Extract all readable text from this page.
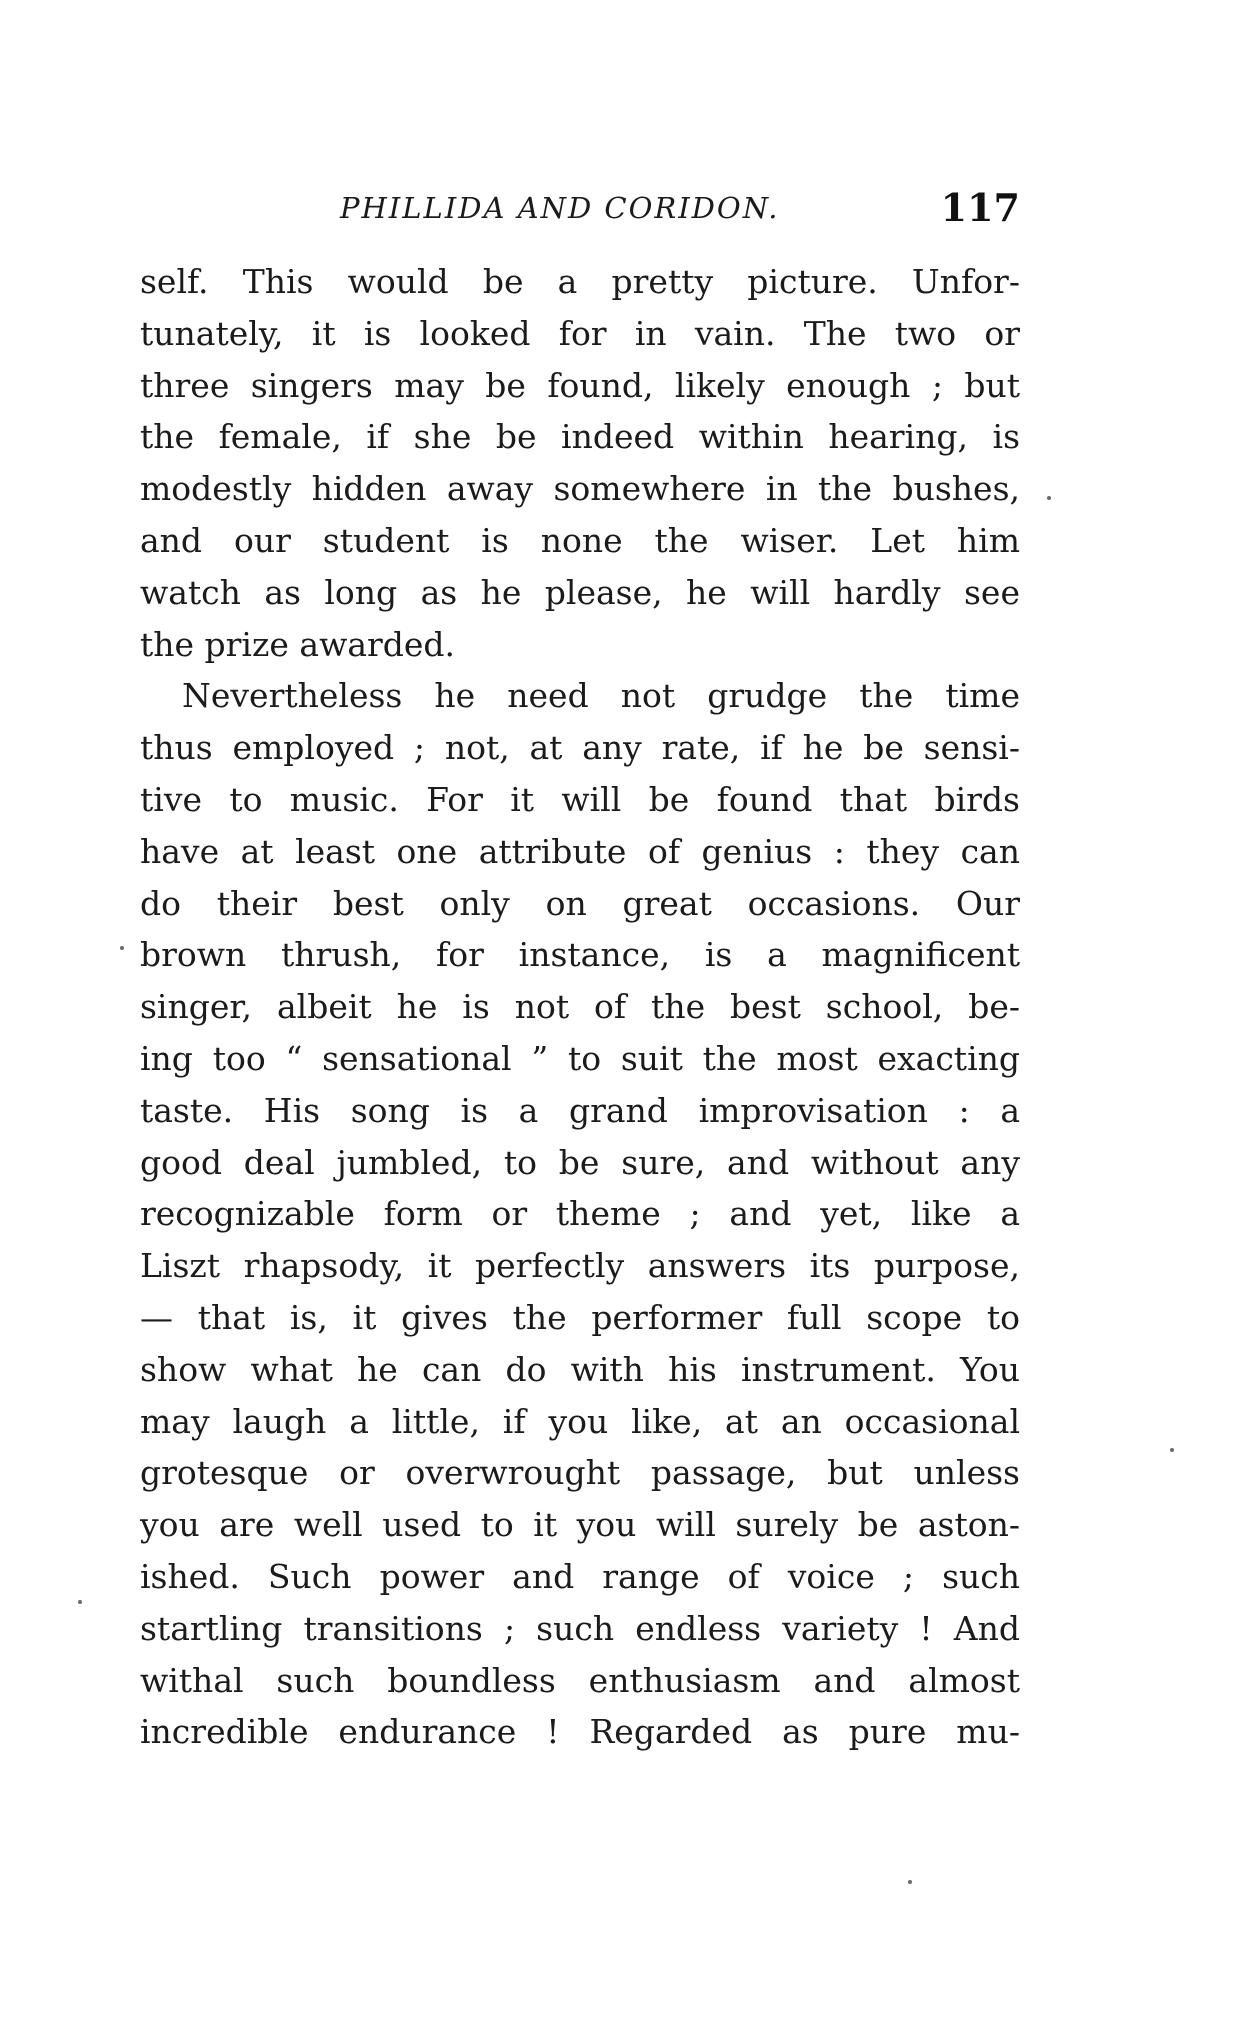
PHILLIDA AND CORIDON.	117
self. This would be a pretty picture. Unfor-
tunately, it is looked for in vain. The two or
three singers may be found, likely enough ; but
the female, if she be indeed within hearing, is
modestly hidden away somewhere in the bushes,
and our student is none the wiser. Let him
watch as long as he please, he will hardly see
the prize awarded.
Nevertheless he need not grudge the time
thus employed ; not, at any rate, if he be sensi-
tive to music. For it will be found that birds
have at least one attribute of genius : they can
do their best only on great occasions. Our
brown thrush, for instance, is a magnificent
singer, albeit he is not of the best school, be-
ing too “ sensational ” to suit the most exacting
taste. His song is a grand improvisation : a
good deal jumbled, to be sure, and without any
recognizable form or theme ; and yet, like a
Liszt rhapsody, it perfectly answers its purpose,
— that is, it gives the performer full scope to
show what he can do with his instrument. You
may laugh a little, if you like, at an occasional
grotesque or overwrought passage, but unless
you are well used to it you will surely be aston-
ished. Such power and range of voice ; such
startling transitions ; such endless variety ! And
withal such boundless enthusiasm and almost
incredible endurance ! Regarded as pure mu-
